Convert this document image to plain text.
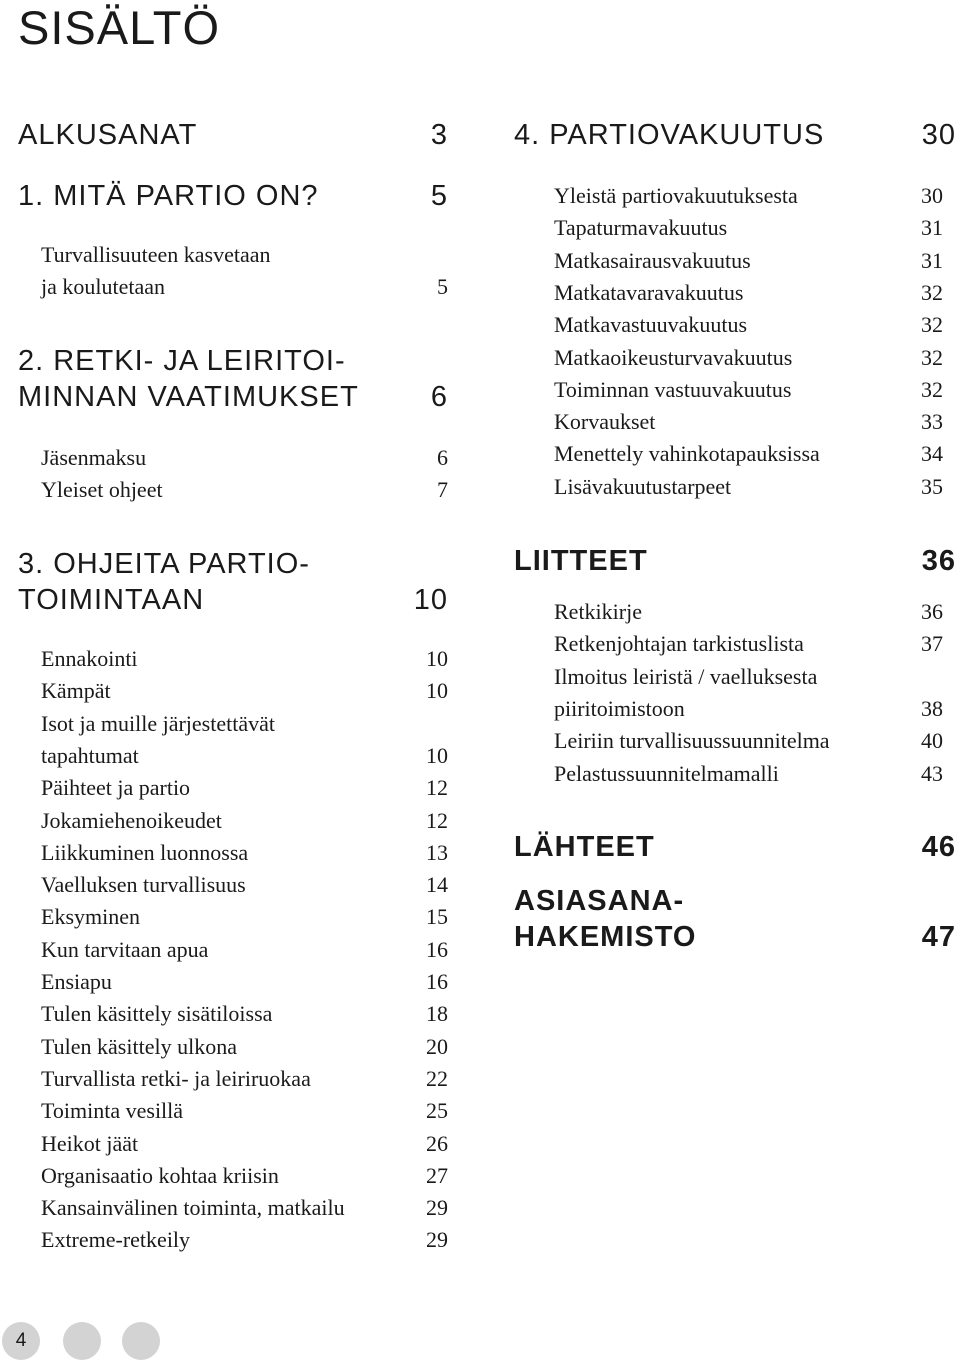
SISÄLTÖ
ALKUSANAT	3
1. MITÄ PARTIO ON?	5
Turvallisuuteen kasvetaan
ja koulutetaan	5
2. RETKI- JA LEIRITOI-
MINNAN VAATIMUKSET 6
Jäsenmaksu	6
Yleiset ohjeet	7
3. OHJEITA PARTIO-
TOIMINTAAN	10
Ennakointi	10
Kämpät	10
Isot ja muille järjestettävät
tapahtumat	10
Päihteet ja partio	12
Jokamiehenoikeudet	12
Liikkuminen luonnossa	13
Vaelluksen turvallisuus	14
Eksyminen	15
Kun tarvitaan apua	16
Ensiapu	16
Tulen käsittely sisätiloissa	18
Tulen käsittely ulkona	20
Turvallista retki- ja leiriruokaa	22
Toiminta vesillä	25
Heikot jäät	26
Organisaatio kohtaa kriisin	27
Kansainvälinen toiminta, matkailu	29
Extreme-retkeily	29
4. PARTIOVAKUUTUS	30
Yleistä partiovakuutuksesta	30
Tapaturmavakuutus	31
Matkasairausvakuutus	31
Matkatavaravakuutus	32
Matkavastuuvakuutus	32
Matkaoikeusturvavakuutus	32
Toiminnan vastuuvakuutus	32
Korvaukset	33
Menettely vahinkotapauksissa	34
Lisävakuutustarpeet	35
LIITTEET	36
Retkikirje	36
Retkenjohtajan tarkistuslista	37
Ilmoitus leiristä / vaelluksesta
piiritoimistoon	38
Leiriin turvallisuussuunnitelma	40
Pelastussuunnitelmamalli	43
LÄHTEET	46
ASIASANA-
HAKEMISTO	47
4
